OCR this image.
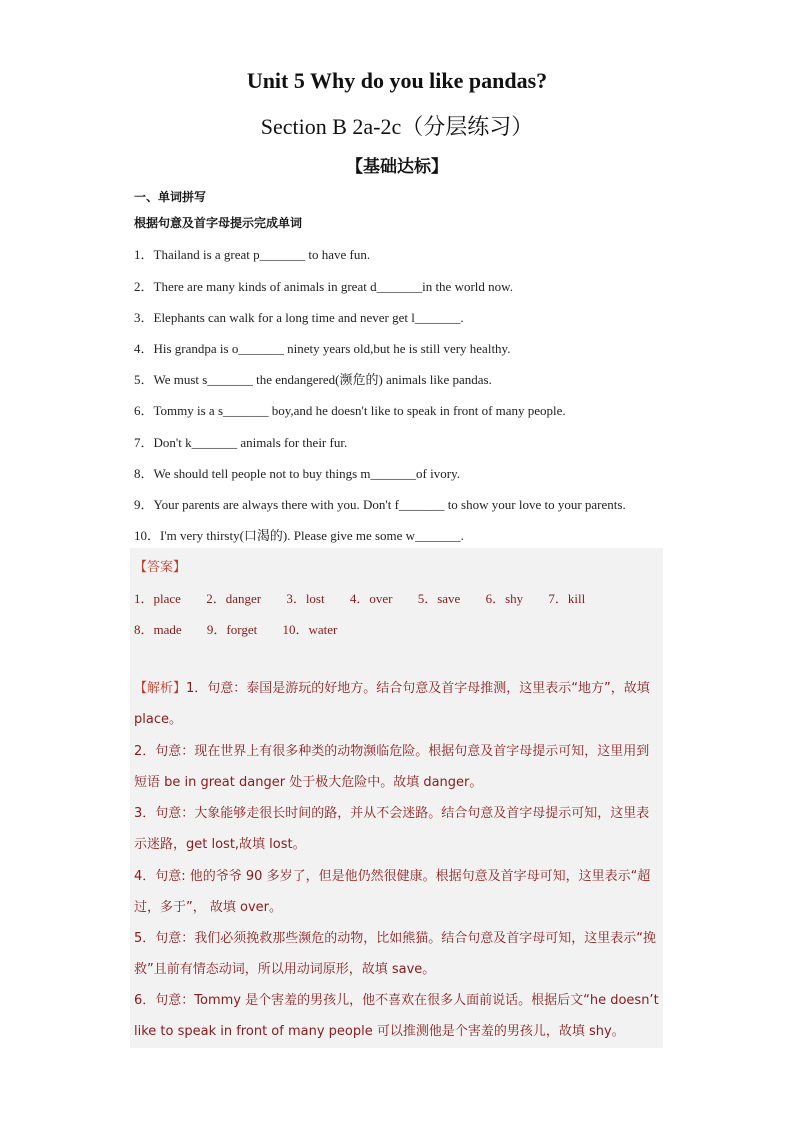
Unit 5 Why do you like pandas?
Section B 2a-2c（分层练习）
【基础达标】
一、单词拼写
根据句意及首字母提示完成单词
1．Thailand is a great p_______ to have fun.
2．There are many kinds of animals in great d_______in the world now.
3．Elephants can walk for a long time and never get l_______.
4．His grandpa is o_______ ninety years old,but he is still very healthy.
5．We must s_______ the endangered(濒危的) animals like pandas.
6．Tommy is a s_______ boy,and he doesn't like to speak in front of many people.
7．Don't k_______ animals for their fur.
8．We should tell people not to buy things m_______of ivory.
9．Your parents are always there with you. Don't f_______ to show your love to your parents.
10．I'm very thirsty(口渴的). Please give me some w_______.
【答案】
1．place 2．danger 3．lost 4．over 5．save 6．shy 7．kill
8．made 9．forget 10．water
【解析】1．句意：泰国是游玩的好地方。结合句意及首字母推测，这里表示“地方”，故填 place。
2．句意：现在世界上有很多种类的动物濒临危险。根据句意及首字母提示可知，这里用到短语 be in great danger 处于极大危险中。故填 danger。
3．句意：大象能够走很长时间的路，并从不会迷路。结合句意及首字母提示可知，这里表示迷路，get lost,故填 lost。
4．句意: 他的爷爷 90 多岁了，但是他仍然很健康。根据句意及首字母可知，这里表示“超过，多于”， 故填 over。
5．句意：我们必须挽救那些濒危的动物，比如熊猫。结合句意及首字母可知，这里表示“挽救”且前有情态动词，所以用动词原形，故填 save。
6．句意：Tommy 是个害羞的男孩儿，他不喜欢在很多人面前说话。根据后文“he doesn’t like to speak in front of many people 可以推测他是个害羞的男孩儿，故填 shy。
